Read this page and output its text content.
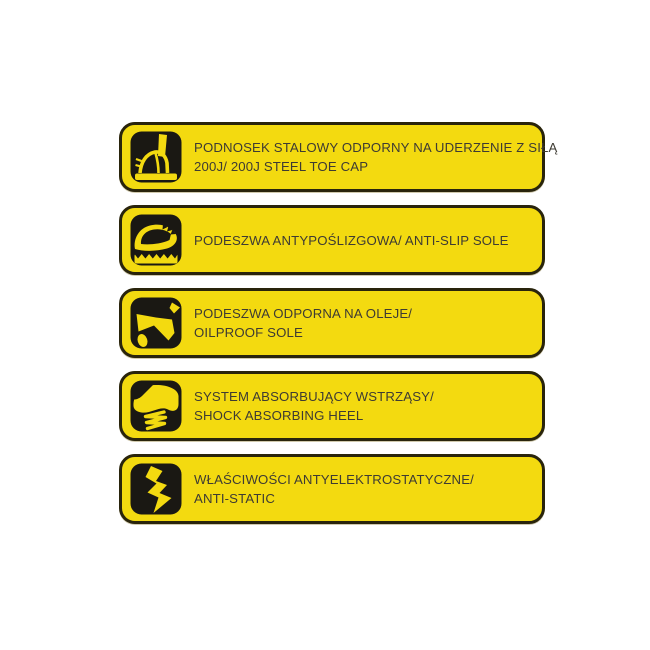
PODNOSEK STALOWY ODPORNY NA UDERZENIE Z SIŁĄ
200J/ 200J STEEL TOE CAP
PODESZWA ANTYPOŚLIZGOWA/ ANTI-SLIP SOLE
PODESZWA ODPORNA NA OLEJE/
OILPROOF SOLE
SYSTEM ABSORBUJĄCY WSTRZĄSY/
SHOCK ABSORBING HEEL
WŁAŚCIWOŚCI ANTYELEKTROSTATYCZNE/
ANTI-STATIC
